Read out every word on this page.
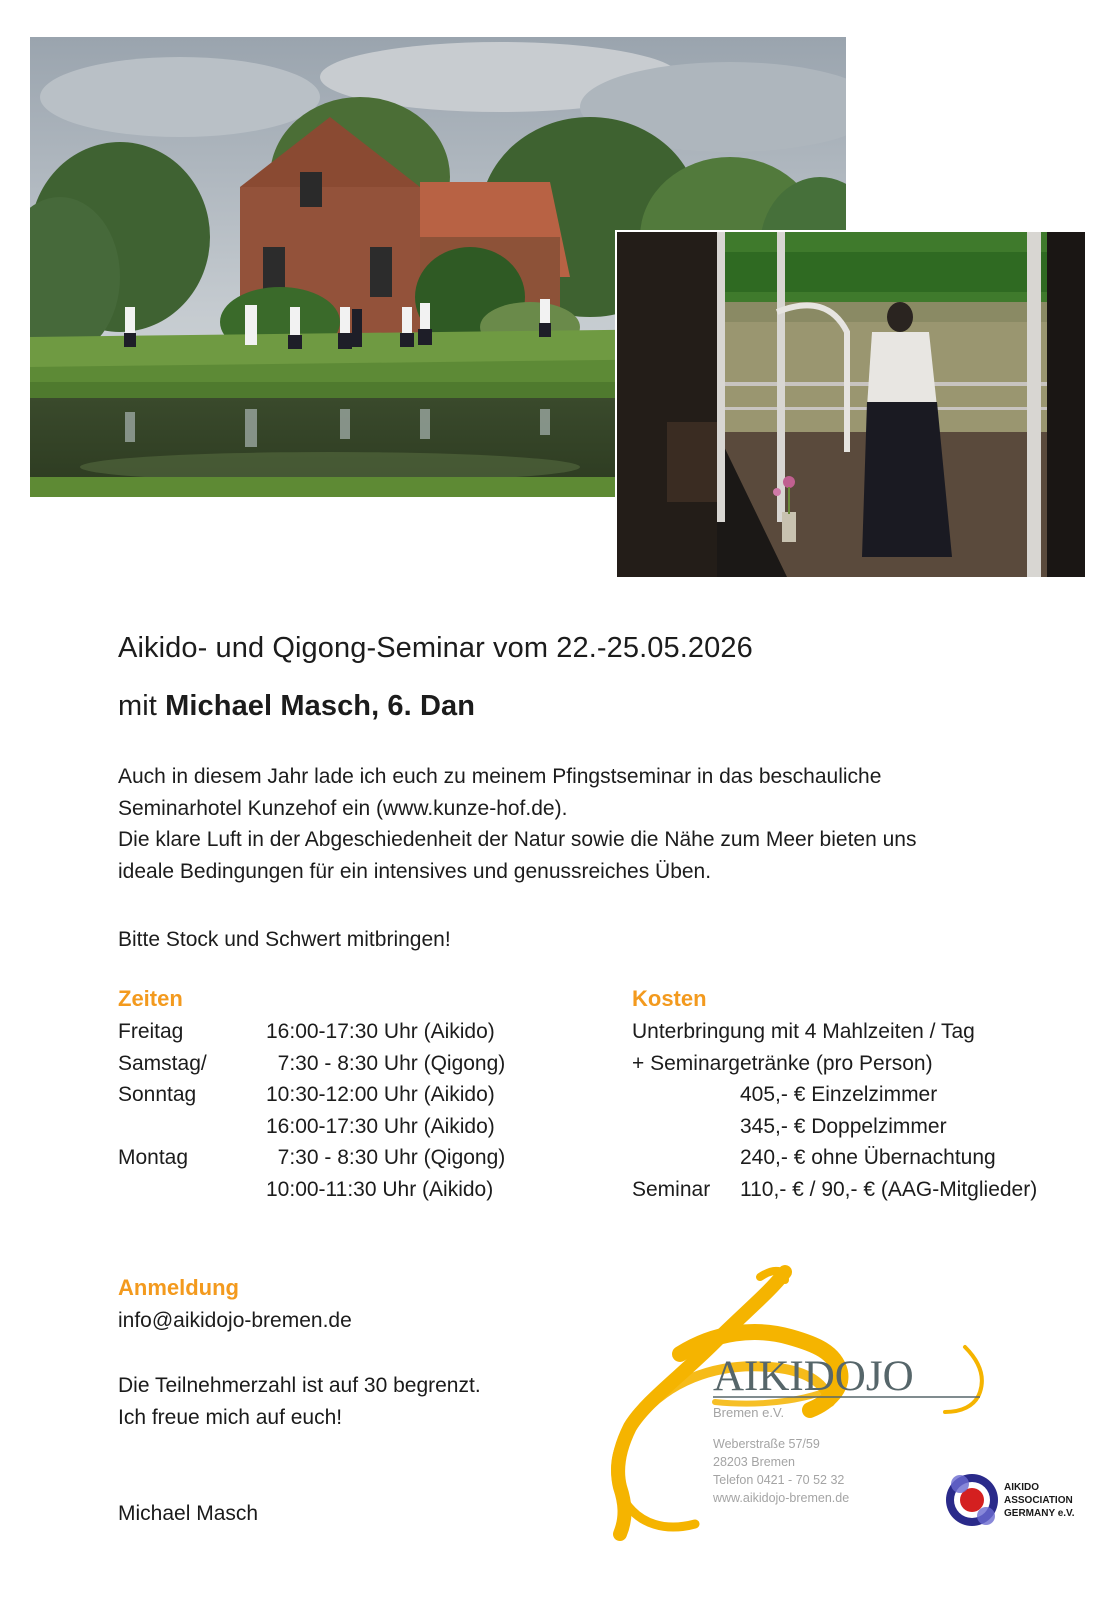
Aikido- und Qigong-Seminar vom 22.-25.05.2026
mit Michael Masch, 6. Dan
Auch in diesem Jahr lade ich euch zu meinem Pfingstseminar in das beschauliche
Seminarhotel Kunzehof ein (www.kunze-hof.de).
Die klare Luft in der Abgeschiedenheit der Natur sowie die Nähe zum Meer bieten uns
ideale Bedingungen für ein intensives und genussreiches Üben.
Bitte Stock und Schwert mitbringen!
Zeiten
Freitag	16:00-17:30 Uhr (Aikido)
Samstag/	7:30 - 8:30 Uhr (Qigong)
Sonntag	10:30-12:00 Uhr (Aikido)
16:00-17:30 Uhr (Aikido)
Montag	7:30 - 8:30 Uhr (Qigong)
10:00-11:30 Uhr (Aikido)
Kosten
Unterbringung mit 4 Mahlzeiten / Tag
+ Seminargetränke (pro Person)
405,- € Einzelzimmer
345,- € Doppelzimmer
240,- € ohne Übernachtung
Seminar 110,- € / 90,- € (AAG-Mitglieder)
Anmeldung
info@aikidojo-bremen.de
Die Teilnehmerzahl ist auf 30 begrenzt.
Ich freue mich auf euch!
Michael Masch
AIKIDOJO
Bremen e.V.
Weberstraße 57/59
28203 Bremen
Telefon 0421 - 70 52 32
www.aikidojo-bremen.de
AIKIDO
ASSOCIATION
GERMANY e.V.
